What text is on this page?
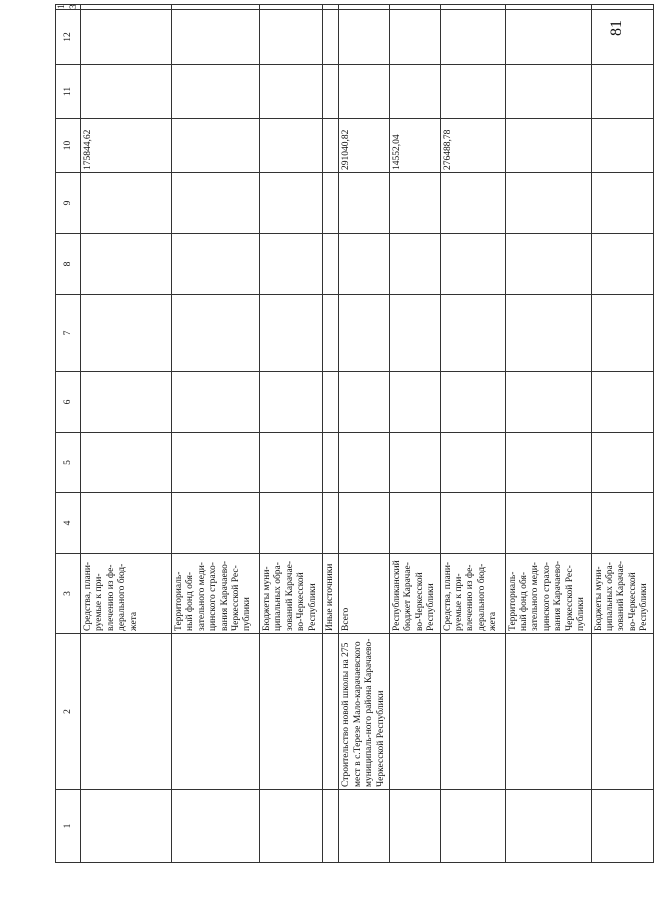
81
1	2	3	4	5	6	7	8	9	10	11	12	13
		Средства, плани-руемые к при-влечению из фе-дерального бюд-жета							175844,62			
		Территориаль-ный фонд обя-зательного меди-цинского страхо-вания Карачаево-Черкесской Рес-публики										
		Бюджеты муни-ципальных обра-зований Карачае-во-Черкесской Республики										
		Иные источники										
	Строительство новой школы на 275 мест в с.Терезе Мало-карачаевского муниципаль-ного района Карачаево-Черкесской Республики	Всего							291040,82			
		Республиканский бюджет Карачае-во-Черкесской Республики							14552,04			
		Средства, плани-руемые к при-влечению из фе-дерального бюд-жета							276488,78			
		Территориаль-ный фонд обя-зательного меди-цинского страхо-вания Карачаево-Черкесской Рес-публики										
		Бюджеты муни-ципальных обра-зований Карачае-во-Черкесской Республики										
